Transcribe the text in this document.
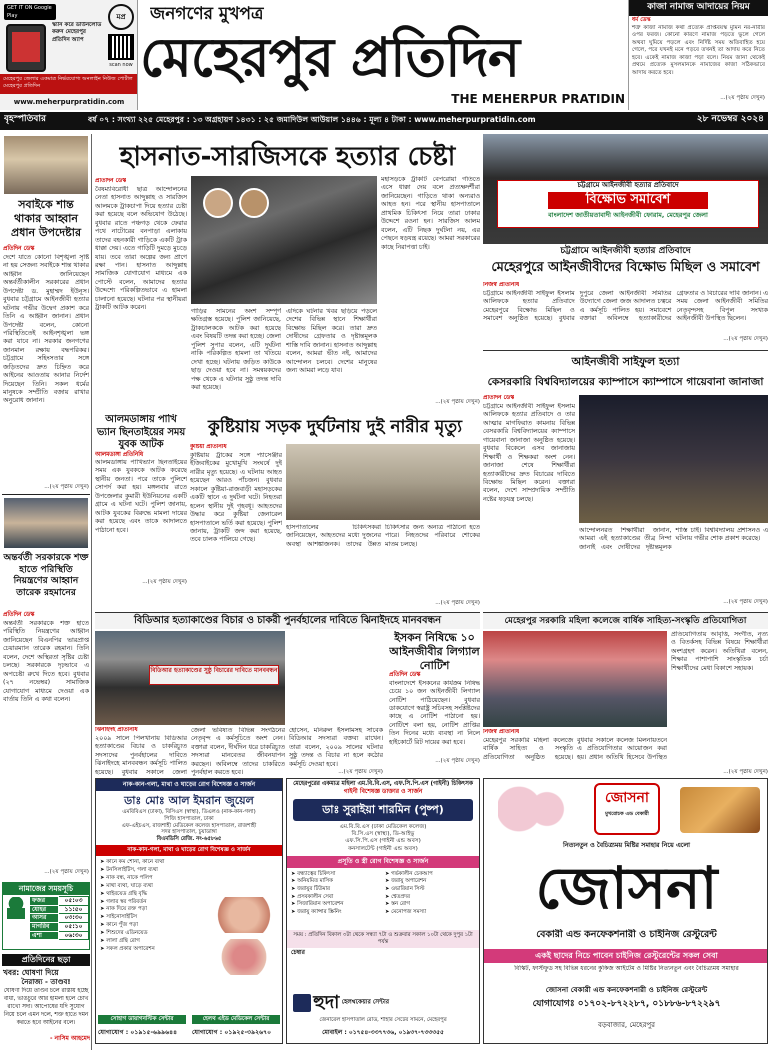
GET IT ON Google Play
স্ক্যান করে ডাউনলোড করুন মেহেরপুর প্রতিদিন অ্যাপ
মপ্র
scan now
মেহেরপুর জেলার একমাত্র নির্ভরযোগ্য অনলাইন নিউজ পোর্টাল মেহেরপুর প্রতিদিন
www.meherpurpratidin.com
জনগণের মুখপত্র
মেহেরপুর প্রতিদিন
THE MEHERPUR PRATIDIN
কাজা নামাজ আদায়ের নিয়ম
ধর্ম ডেস্ক
শত্রু কাজা নামাজ কথা প্রত্যেক প্রাপ্তবয়স্ক মুমিন নর-নারীর ওপর ফরজ। কোনো কারণে নামাজ পড়তে ভুলে গেলে অথবা ঘুমিয়ে পড়লে এবং নির্দিষ্ট সময় অতিবাহিত হয়ে গেলে, পরে যখনই মনে পড়বে তখনই তা আদায় করে নিতে হবে। একেই নামাজ কাজা পড়া বলে। নিয়ম জানা থেকেই প্রথমে প্রত্যেক মুসলমানকে নামাজের কাজা সঠিকভাবে আদায় করতে হবে।
...(২য় পৃষ্ঠায় দেখুন)
বৃহস্পতিবার	বর্ষ ০৭ : সংখ্যা ২২৫ মেহেরপুর : ১৩ অগ্রহায়ণ ১৪৩১ : ২৫ জমাদিউল আউয়াল ১৪৪৬ : মূল্য ৪ টাকা : www.meherpurpratidin.com	২৮ নভেম্বর ২০২৪
সবাইকে শান্ত থাকার আহ্বান প্রধান উপদেষ্টার
প্রতিদিন ডেস্ক
দেশে যাতে কোনো বিশৃঙ্খলা সৃষ্টি না হয় সেজন্য সবাইকে শান্ত থাকার আহ্বান জানিয়েছেন অন্তর্বর্তীকালীন সরকারের প্রধান উপদেষ্টা ড. মুহাম্মদ ইউনূস। বুধবার চট্টগ্রামে আইনজীবী হত্যার ঘটনায় গভীর উদ্বেগ প্রকাশ করে তিনি এ আহ্বান জানান। প্রধান উপদেষ্টা বলেন, কোনো পরিস্থিতিতেই আইনশৃঙ্খলা ভঙ্গ করা যাবে না। সরকার জনগণের জানমাল রক্ষায় বদ্ধপরিকর। চট্টগ্রামে সহিংসতার সঙ্গে জড়িতদের দ্রুত চিহ্নিত করে আইনের আওতায় আনার নির্দেশ দিয়েছেন তিনি। সকল ধর্মের মানুষকে সম্প্রীতি বজায় রাখার অনুরোধ জানান।
...(২য় পৃষ্ঠায় দেখুন)
অন্তর্বর্তী সরকারকে শক্ত হাতে পরিস্থিতি নিয়ন্ত্রণের আহ্বান তারেক রহমানের
প্রতিদিন ডেস্ক
অন্তর্বর্তী সরকারকে শক্ত হাতে পরিস্থিতি নিয়ন্ত্রণের আহ্বান জানিয়েছেন বিএনপির ভারপ্রাপ্ত চেয়ারম্যান তারেক রহমান। তিনি বলেন, দেশে অস্থিরতা সৃষ্টির চেষ্টা চলছে। সরকারকে দৃঢ়ভাবে এ অপচেষ্টা রুখে দিতে হবে। বুধবার (২৭ নভেম্বর) সামাজিক যোগাযোগ মাধ্যমে দেওয়া এক বার্তায় তিনি এ কথা বলেন।
...(২য় পৃষ্ঠায় দেখুন)
নামাজের সময়সূচি
ফজর	০৫:০৩
যোহর	১১:৫০
আসর	০৩:৩০
মাগরিব	০৫:১০
এশা	০৬:৩০
প্রতিদিনের ছড়া
খবর: ঘোষণা দিয়ে
নৈরাজ্য - তাণ্ডব!
ঘোষণা দিয়ে তাণ্ডব চলে রাস্তায় হচ্ছে বাধা, ভাঙচুরে আর হামলা হলে চোখ রাখো সদা। আপোষের যদি সুযোগ নিয়ে চলে এমন দলে, শক্ত হাতে দমন করতে হবে আইনের বলে।
- নাসিম আহমেদ
হাসনাত-সারজিসকে হত্যার চেষ্টা
প্রতিদিন ডেস্ক
বৈষম্যবিরোধী ছাত্র আন্দোলনের নেতা হাসনাত আব্দুল্লাহ ও সারজিস আলমকে ট্রাকচাপা দিয়ে হত্যার চেষ্টা করা হয়েছে বলে অভিযোগ উঠেছে। বুধবার রাতে পঞ্চগড় থেকে ফেরার পথে নাটোরের বনপাড়া এলাকায় তাদের বহনকারী গাড়িকে একটি ট্রাক ধাক্কা দেয়। এতে গাড়িটি দুমড়ে মুচড়ে যায়। তবে তারা অল্পের জন্য প্রাণে রক্ষা পান। হাসনাত আব্দুল্লাহ সামাজিক যোগাযোগ মাধ্যমে এক পোস্টে বলেন, আমাদের হত্যার উদ্দেশ্যে পরিকল্পিতভাবে এ হামলা চালানো হয়েছে। ঘটনার পর স্থানীয়রা ট্রাকটি আটক করেন।
গাড়ির সামনের অংশ সম্পূর্ণ ক্ষতিগ্রস্ত হয়েছে। পুলিশ জানিয়েছে, ট্রাকচালককে আটক করা হয়েছে এবং বিষয়টি তদন্ত করা হচ্ছে। জেলা পুলিশ সুপার বলেন, এটি দুর্ঘটনা নাকি পরিকল্পিত হামলা তা খতিয়ে দেখা হচ্ছে। ঘটনায় জড়িত কাউকে ছাড় দেওয়া হবে না। সমন্বয়কদের পক্ষ থেকে এ ঘটনার সুষ্ঠু তদন্ত দাবি করা হয়েছে।
এদিকে ঘটনার খবর ছড়িয়ে পড়লে দেশের বিভিন্ন স্থানে শিক্ষার্থীরা বিক্ষোভ মিছিল করে। তারা দ্রুত দোষীদের গ্রেফতার ও দৃষ্টান্তমূলক শাস্তি দাবি জানান। হাসনাত আব্দুল্লাহ বলেন, আমরা ভীত নই, আমাদের আন্দোলন চলবে। দেশের মানুষের জন্য আমরা লড়ে যাব।
মহাসড়কে ট্রাকটি বেপরোয়া গতিতে এসে ধাক্কা দেয় বলে প্রত্যক্ষদর্শীরা জানিয়েছেন। গাড়িতে থাকা অন্যরাও আহত হন। পরে স্থানীয় হাসপাতালে প্রাথমিক চিকিৎসা নিয়ে তারা ঢাকার উদ্দেশে রওনা হন। সারজিস আলম বলেন, এটি নিছক দুর্ঘটনা নয়, এর পেছনে ষড়যন্ত্র রয়েছে। আমরা সরকারের কাছে নিরাপত্তা চাই।
...(২য় পৃষ্ঠায় দেখুন)
আলমডাঙ্গায় পাখি ভ্যান ছিনতাইয়ের সময় যুবক আটক
আলমডাঙ্গা প্রতিনিধি
আলমডাঙ্গায় পাখিভ্যান ছিনতাইয়ের সময় এক যুবককে আটক করেছে স্থানীয় জনতা। পরে তাকে পুলিশে সোপর্দ করা হয়। মঙ্গলবার রাতে উপজেলার কুমারী ইউনিয়নের একটি গ্রামে এ ঘটনা ঘটে। পুলিশ জানায়, আটক যুবকের বিরুদ্ধে মামলা দায়ের করা হয়েছে এবং তাকে আদালতে পাঠানো হবে।
...(২য় পৃষ্ঠায় দেখুন)
কুষ্টিয়ায় সড়ক দুর্ঘটনায় দুই নারীর মৃত্যু
কুষ্টিয়া প্রতিনিধি
কুষ্টিয়ায় ট্রাকের সঙ্গে প্যাসেঞ্জার ইজিবাইকের মুখোমুখি সংঘর্ষে দুই নারীর মৃত্যু হয়েছে। এ ঘটনায় আহত হয়েছেন আরও পাঁচজন। বুধবার সকালে কুষ্টিয়া-রাজবাড়ী মহাসড়কের একটি স্থানে এ দুর্ঘটনা ঘটে। নিহতরা হলেন স্থানীয় দুই গৃহবধূ। আহতদের উদ্ধার করে কুষ্টিয়া জেনারেল হাসপাতালে ভর্তি করা হয়েছে। পুলিশ জানায়, ট্রাকটি জব্দ করা হয়েছে, তবে চালক পালিয়ে গেছে।
হাসপাতালের চিকিৎসকরা জানিয়েছেন, আহতদের মধ্যে দুজনের অবস্থা আশঙ্কাজনক। তাদের উন্নত চিকিৎসার জন্য অন্যত্র পাঠানো হতে পারে। নিহতদের পরিবারে শোকের মাতম চলছে।
...(২য় পৃষ্ঠায় দেখুন)
বিডিআর হত্যাকাণ্ডের বিচার ও চাকরী পুনর্বহালের দাবিতে ঝিনাইদহে মানববন্ধন
বিডিআর হত্যাকাণ্ডের সুষ্ঠু বিচারের দাবিতে মানববন্ধন
ঝিনাইদহ প্রতিনিধি
২০০৯ সালে পিলখানায় বিডিআর হত্যাকাণ্ডের বিচার ও চাকরিচ্যুত সদস্যদের পুনর্বহালের দাবিতে ঝিনাইদহে মানববন্ধন কর্মসূচি পালিত হয়েছে। বুধবার সকালে জেলা
জেলা ভবিষ্যত বিভিন্ন সংগঠনের নেতৃবৃন্দ এ কর্মসূচিতে অংশ নেন। বক্তারা বলেন, দীর্ঘদিন ধরে চাকরিচ্যুত সদস্যরা মানবেতর জীবনযাপন করছেন। অবিলম্বে তাদের চাকরিতে পুনর্বহাল করতে হবে।
হোসেন, মনিরুল ইসলামসহ সাবেক বিডিআর সদস্যরা বক্তব্য রাখেন। তারা বলেন, ২০০৯ সালের ঘটনার সুষ্ঠু তদন্ত ও বিচার না হলে কঠোর কর্মসূচি দেওয়া হবে।
...(২য় পৃষ্ঠায় দেখুন)
ইসকন নিষিদ্ধে ১০ আইনজীবীর লিগ্যাল নোটিশ
প্রতিদিন ডেস্ক
বাংলাদেশে ইসকনের কার্যক্রম নিষিদ্ধ চেয়ে ১০ জন আইনজীবী লিগ্যাল নোটিশ পাঠিয়েছেন। বুধবার ডাকযোগে স্বরাষ্ট্র সচিবসহ সংশ্লিষ্টদের কাছে এ নোটিশ পাঠানো হয়। নোটিশে বলা হয়, নোটিশ প্রাপ্তির তিন দিনের মধ্যে ব্যবস্থা না নিলে হাইকোর্টে রিট দায়ের করা হবে।
...(২য় পৃষ্ঠায় দেখুন)
চট্টগ্রামে আইনজীবী হত্যার প্রতিবাদে
বিক্ষোভ সমাবেশ
বাংলাদেশ জাতীয়তাবাদী আইনজীবী ফোরাম, মেহেরপুর জেলা
চট্টগ্রামে আইনজীবী হত্যার প্রতিবাদে
মেহেরপুরে আইনজীবীদের বিক্ষোভ মিছিল ও সমাবেশ
নিজস্ব প্রতিনিধি
চট্টগ্রামে আইনজীবী সাইফুল ইসলাম আলিফকে হত্যার প্রতিবাদে মেহেরপুরে বিক্ষোভ মিছিল ও সমাবেশ অনুষ্ঠিত হয়েছে। বুধবার দুপুরে জেলা আইনজীবী সমিতির উদ্যোগে জেলা জজ আদালত চত্বরে এ কর্মসূচি পালিত হয়। সমাবেশে বক্তারা অবিলম্বে হত্যাকারীদের গ্রেফতার ও বিচারের দাবি জানান। এ সময় জেলা আইনজীবী সমিতির নেতৃবৃন্দসহ বিপুল সংখ্যক আইনজীবী উপস্থিত ছিলেন।
...(২য় পৃষ্ঠায় দেখুন)
আইনজীবী সাইফুল হত্যা
কেসরকারি বিশ্ববিদ্যালয়ের ক্যাম্পাসে ক্যাম্পাসে গায়েবানা জানাজা
প্রতিদিন ডেস্ক
চট্টগ্রামে আইনজীবী সাইফুল ইসলাম আলিফকে হত্যার প্রতিবাদে ও তার আত্মার মাগফিরাত কামনায় বিভিন্ন বেসরকারি বিশ্ববিদ্যালয়ের ক্যাম্পাসে গায়েবানা জানাজা অনুষ্ঠিত হয়েছে। বুধবার বিকেলে এসব জানাজায় শিক্ষার্থী ও শিক্ষকরা অংশ নেন। জানাজা শেষে শিক্ষার্থীরা হত্যাকারীদের দ্রুত বিচারের দাবিতে বিক্ষোভ মিছিল করেন। বক্তারা বলেন, দেশে সাম্প্রদায়িক সম্প্রীতি নষ্টের ষড়যন্ত্র চলছে।
আন্দোলনরত শিক্ষার্থীরা জানান, আমরা এই হত্যাকাণ্ডের তীব্র নিন্দা জানাই এবং দোষীদের দৃষ্টান্তমূলক শাস্তি চাই। বিশ্ববিদ্যালয় প্রশাসনও এ ঘটনায় গভীর শোক প্রকাশ করেছে।
...(২য় পৃষ্ঠায় দেখুন)
মেহেরপুর সরকারি মহিলা কলেজে বার্ষিক সাহিত্য-সংস্কৃতি প্রতিযোগিতা
প্রতিযোগিতায় আবৃত্তি, সংগীত, নৃত্য ও বিতর্কসহ বিভিন্ন বিষয়ে শিক্ষার্থীরা অংশগ্রহণ করেন। অতিথিরা বলেন, শিক্ষার পাশাপাশি সাংস্কৃতিক চর্চা শিক্ষার্থীদের মেধা বিকাশে সহায়ক।
নিজস্ব প্রতিনিধি
মেহেরপুর সরকারি মহিলা কলেজে বার্ষিক সাহিত্য ও সংস্কৃতি প্রতিযোগিতা অনুষ্ঠিত হয়েছে। বুধবার সকালে কলেজ মিলনায়তনে এ প্রতিযোগিতার আয়োজন করা হয়। প্রধান অতিথি হিসেবে উপস্থিত
...(২য় পৃষ্ঠায় দেখুন)
নাক-কান-গলা, মাথা ও ঘাড়ের রোগ বিশেষজ্ঞ ও সার্জন
ডাঃ মোঃ আল ইমরান জুয়েল
এমবিবিএস (ঢাকা), বিসিএস (স্বাস্থ্য), ডিএলও (নাক-কান-গলা)
পিজি হাসপাতাল, ঢাকা
এফ-এইচএস, রাজশাহী মেডিকেল কলেজ হাসপাতাল, রাজশাহী
সদর হাসপাতাল, চুয়াডাঙ্গা
বিএমডিসি রেজি. নং-৬৫৮৬৫
নাক-কান-গলা, মাথা ও ঘাড়ের রোগ বিশেষজ্ঞ ও সার্জন
➤ কানে কম শোনা, কানে ব্যথা
➤ টনসিলাইটিস, গলা ব্যথা
➤ নাক বন্ধ, নাকে পলিপ
➤ মাথা ব্যথা, ঘাড়ে ব্যথা
➤ থাইরয়েড গ্রন্থি বৃদ্ধি
➤ গলার স্বর পরিবর্তন
➤ নাক দিয়ে রক্ত পড়া
➤ সাইনোসাইটিস
➤ কানে পুঁজ পড়া
➤ শিশুদের এডিনয়েড
➤ লালা গ্রন্থি রোগ
➤ সকল প্রকার অপারেশন
সোহাগ ডায়াগনস্টিক সেন্টার	হেলথ এইড মেডিকেল সেন্টার
যোগাযোগ : ০১৯১৫-৬৯৯৬৪৪	যোগাযোগ : ০১৯২৫-৩৯২৬৭০
মেহেরপুরের একমাত্র মহিলা এম.বি.বি.এস, এফ.সি.পি.এস (গাইনী) চিকিৎসক
গাইনী বিশেষজ্ঞ ডাক্তার ও সার্জন
ডাঃ সুরাইয়া শারমিন (পুষ্প)
এম.বি.বি.এস (ঢাকা মেডিকেল কলেজ)
বি.সি.এস (স্বাস্থ্য), ডি-আইভু
এফ.সি.পি.এস (গাইনী এন্ড অবস)
কনসালটেন্ট (গাইনী এন্ড অবস)
প্রসূতি ও স্ত্রী রোগ বিশেষজ্ঞ ও সার্জন
➤ বন্ধ্যাত্বের চিকিৎসা
➤ অনিয়মিত মাসিক
➤ জরায়ুর টিউমার
➤ প্রসবকালীন সেবা
➤ সিজারিয়ান অপারেশন
➤ জরায়ু ক্যান্সার স্ক্রিনিং
➤ গর্ভকালীন চেকআপ
➤ জরায়ু অপারেশন
➤ ওভারিয়ান সিস্ট
➤ শ্বেতপ্রদর
➤ স্তন রোগ
➤ মেনোপজ সমস্যা
সময় : প্রতিদিন বিকাল ৩টা থেকে সন্ধ্যা ৭টা ও শুক্রবার সকাল ১০টা থেকে দুপুর ১টা পর্যন্ত
চেম্বার
হুদা হেলথকেয়ার সেন্টার
জেনারেল হাসপাতাল রোড, শাহার সেটের সামনে, মেহেরপুর
মোবাইল : ০১৭৫৪-৩৩৭৭৩৬, ০১৯৩৭-৭৩৩৩৫৫
জোসনা
মুখরোচক এন্ড বেকারী
নিত্যনতুন ও বৈচিত্র্যময় মিষ্টির সমাহার নিয়ে এলো
জোসনা
বেকারী এন্ড কনফেকশনারী ও চাইনিজ রেস্টুরেন্ট
একই ছাদের নিচে পাবেন চাইনিজ রেস্টুরেন্টের সকল সেবা
বিস্কিট, ফাস্টফুড সহ বিভিন্ন ধরনের কুকিজ আইটেম ও মিষ্টির নিত্যনতুন এবং বৈচিত্র্যময় সমাহার
জোসনা বেকারী এন্ড কনফেকশনারী ও চাইনিজ রেস্টুরেন্ট
যোগাযোগঃ ০১৭০২-৮৭২২৮৭, ০১৮৮৬-৮৭২২৯৭
বড়বাজার, মেহেরপুর
